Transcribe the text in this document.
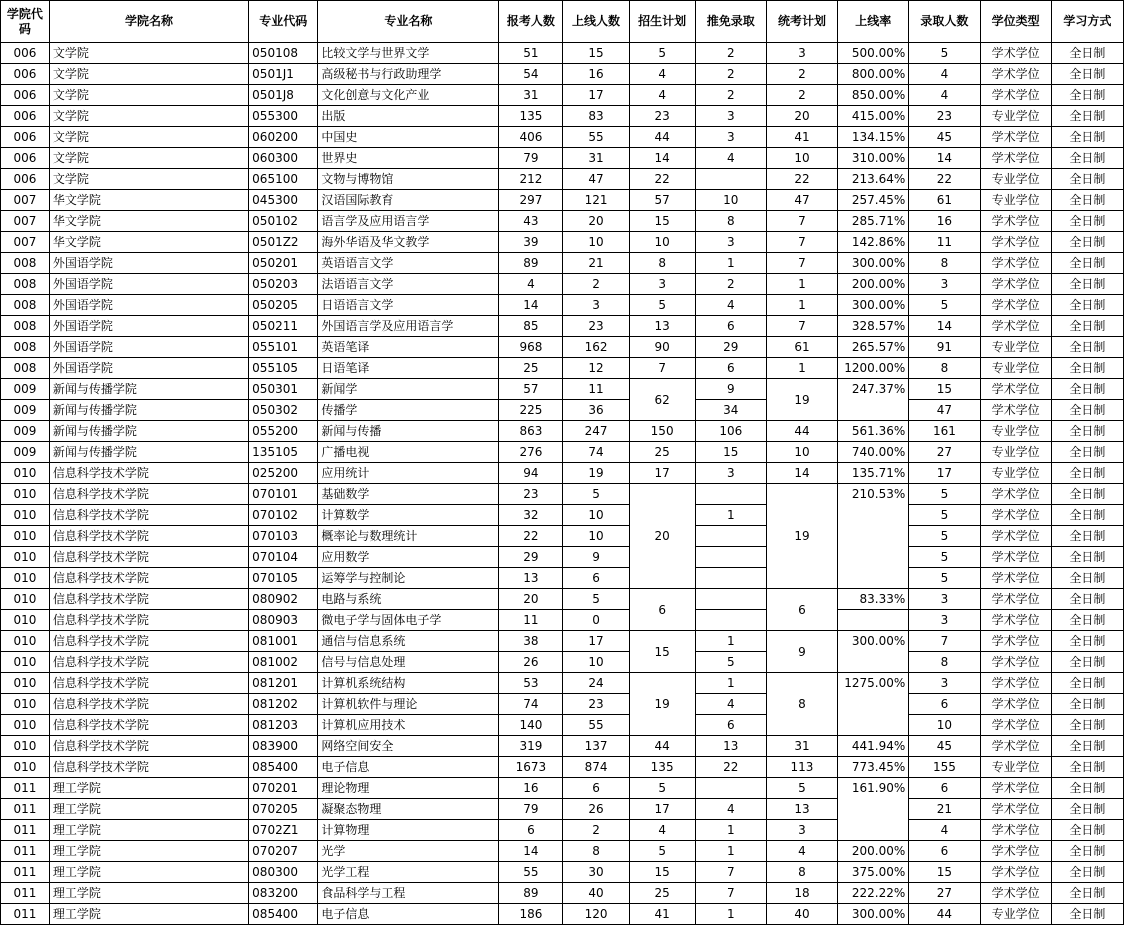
学院代码	学院名称	专业代码	专业名称	报考人数	上线人数	招生计划	推免录取	统考计划	上线率	录取人数	学位类型	学习方式
006	文学院	050108	比较文学与世界文学	51	15	5	2	3	500.00%	5	学术学位	全日制
006	文学院	0501J1	高级秘书与行政助理学	54	16	4	2	2	800.00%	4	学术学位	全日制
006	文学院	0501J8	文化创意与文化产业	31	17	4	2	2	850.00%	4	学术学位	全日制
006	文学院	055300	出版	135	83	23	3	20	415.00%	23	专业学位	全日制
006	文学院	060200	中国史	406	55	44	3	41	134.15%	45	学术学位	全日制
006	文学院	060300	世界史	79	31	14	4	10	310.00%	14	学术学位	全日制
006	文学院	065100	文物与博物馆	212	47	22		22	213.64%	22	专业学位	全日制
007	华文学院	045300	汉语国际教育	297	121	57	10	47	257.45%	61	专业学位	全日制
007	华文学院	050102	语言学及应用语言学	43	20	15	8	7	285.71%	16	学术学位	全日制
007	华文学院	0501Z2	海外华语及华文教学	39	10	10	3	7	142.86%	11	学术学位	全日制
008	外国语学院	050201	英语语言文学	89	21	8	1	7	300.00%	8	学术学位	全日制
008	外国语学院	050203	法语语言文学	4	2	3	2	1	200.00%	3	学术学位	全日制
008	外国语学院	050205	日语语言文学	14	3	5	4	1	300.00%	5	学术学位	全日制
008	外国语学院	050211	外国语言学及应用语言学	85	23	13	6	7	328.57%	14	学术学位	全日制
008	外国语学院	055101	英语笔译	968	162	90	29	61	265.57%	91	专业学位	全日制
008	外国语学院	055105	日语笔译	25	12	7	6	1	1200.00%	8	专业学位	全日制
009	新闻与传播学院	050301	新闻学	57	11	62	9	19	247.37%	15	学术学位	全日制
009	新闻与传播学院	050302	传播学	225	36		34			47	学术学位	全日制
009	新闻与传播学院	055200	新闻与传播	863	247	150	106	44	561.36%	161	专业学位	全日制
009	新闻与传播学院	135105	广播电视	276	74	25	15	10	740.00%	27	专业学位	全日制
010	信息科学技术学院	025200	应用统计	94	19	17	3	14	135.71%	17	专业学位	全日制
010	信息科学技术学院	070101	基础数学	23	5	20		19	210.53%	5	学术学位	全日制
010	信息科学技术学院	070102	计算数学	32	10		1			5	学术学位	全日制
010	信息科学技术学院	070103	概率论与数理统计	22	10					5	学术学位	全日制
010	信息科学技术学院	070104	应用数学	29	9					5	学术学位	全日制
010	信息科学技术学院	070105	运筹学与控制论	13	6					5	学术学位	全日制
010	信息科学技术学院	080902	电路与系统	20	5	6		6	83.33%	3	学术学位	全日制
010	信息科学技术学院	080903	微电子学与固体电子学	11	0					3	学术学位	全日制
010	信息科学技术学院	081001	通信与信息系统	38	17	15	1	9	300.00%	7	学术学位	全日制
010	信息科学技术学院	081002	信号与信息处理	26	10		5			8	学术学位	全日制
010	信息科学技术学院	081201	计算机系统结构	53	24	19	1	8	1275.00%	3	学术学位	全日制
010	信息科学技术学院	081202	计算机软件与理论	74	23		4			6	学术学位	全日制
010	信息科学技术学院	081203	计算机应用技术	140	55		6			10	学术学位	全日制
010	信息科学技术学院	083900	网络空间安全	319	137	44	13	31	441.94%	45	学术学位	全日制
010	信息科学技术学院	085400	电子信息	1673	874	135	22	113	773.45%	155	专业学位	全日制
011	理工学院	070201	理论物理	16	6	5		5	161.90%	6	学术学位	全日制
011	理工学院	070205	凝聚态物理	79	26	17	4	13		21	学术学位	全日制
011	理工学院	0702Z1	计算物理	6	2	4	1	3		4	学术学位	全日制
011	理工学院	070207	光学	14	8	5	1	4	200.00%	6	学术学位	全日制
011	理工学院	080300	光学工程	55	30	15	7	8	375.00%	15	学术学位	全日制
011	理工学院	083200	食品科学与工程	89	40	25	7	18	222.22%	27	学术学位	全日制
011	理工学院	085400	电子信息	186	120	41	1	40	300.00%	44	专业学位	全日制
